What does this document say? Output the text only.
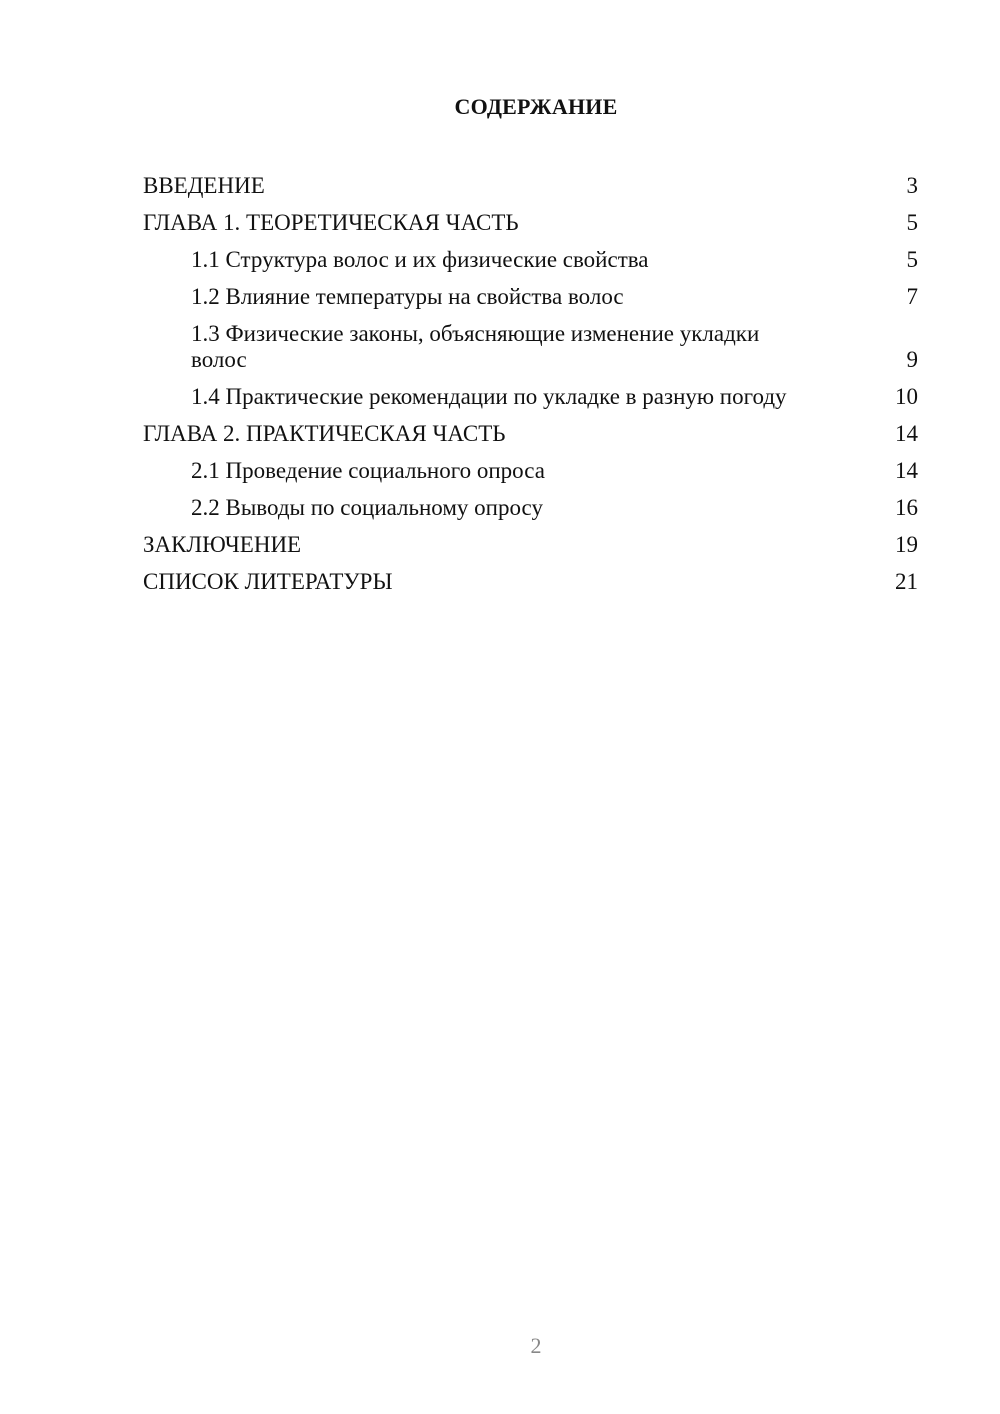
СОДЕРЖАНИЕ
ВВЕДЕНИЕ	3
ГЛАВА 1. ТЕОРЕТИЧЕСКАЯ ЧАСТЬ	5
1.1 Структура волос и их физические свойства	5
1.2 Влияние температуры на свойства волос	7
1.3 Физические законы, объясняющие изменение укладки волос	9
1.4 Практические рекомендации по укладке в разную погоду	10
ГЛАВА 2. ПРАКТИЧЕСКАЯ ЧАСТЬ	14
2.1 Проведение социального опроса	14
2.2 Выводы по социальному опросу	16
ЗАКЛЮЧЕНИЕ	19
СПИСОК ЛИТЕРАТУРЫ	21
2
